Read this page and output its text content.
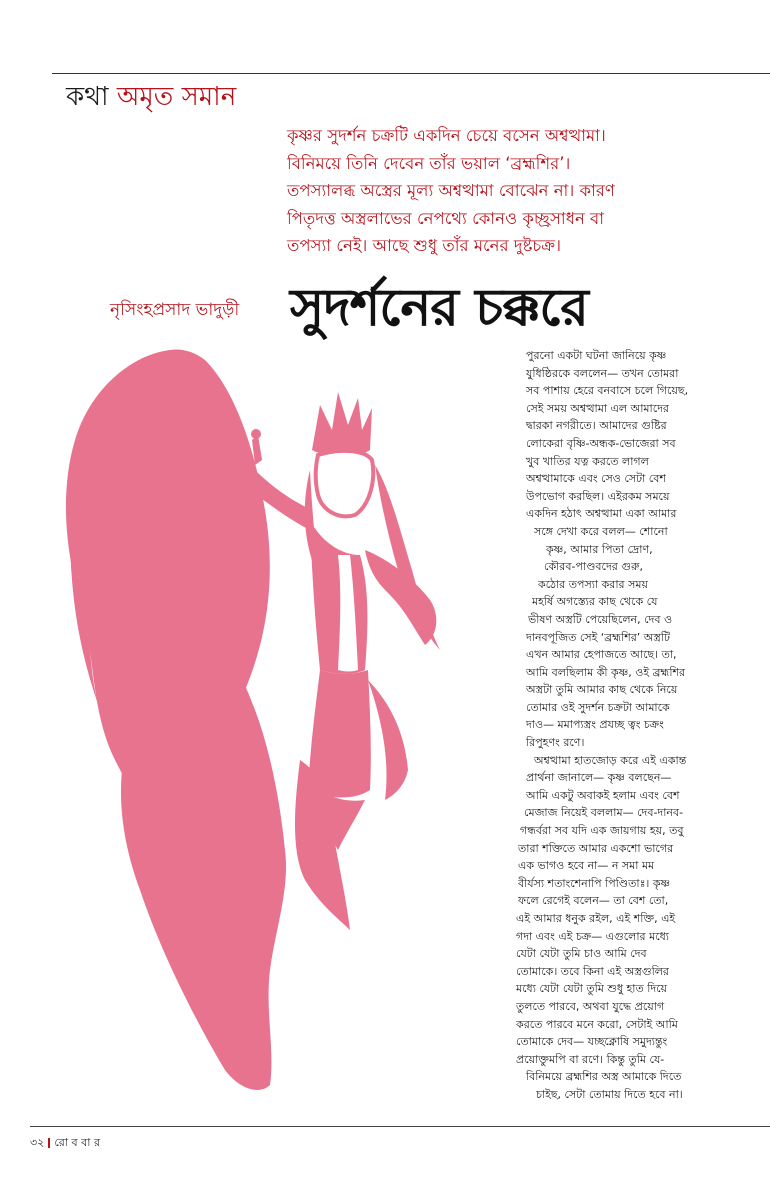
কথা অমৃত সমান

কৃষ্ণর সুদর্শন চক্রটি একদিন চেয়ে বসেন অশ্বত্থামা।

বিনিময়ে তিনি দেবেন তাঁর ভয়াল ‘ব্রহ্মশির’।

তপস্যালব্ধ অস্ত্রের মূল্য অশ্বত্থামা বোঝেন না। কারণ

পিতৃদত্ত অস্ত্রলাভের নেপথ্যে কোনও কৃচ্ছ্রসাধন বা

তপস্যা নেই। আছে শুধু তাঁর মনের দুষ্টচক্র।

নৃসিংহপ্রসাদ ভাদুড়ী সুদর্শনের চক্করে
পুরনো একটা ঘটনা জানিয়ে কৃষ্ণ
যুধিষ্ঠিরকে বললেন— তখন তোমরা
সব পাশায় হেরে বনবাসে চলে গিয়েছ,
সেই সময় অশ্বত্থামা এল আমাদের
দ্বারকা নগরীতে। আমাদের গুষ্টির
লোকেরা বৃষ্ণি-অন্ধক-ভোজেরা সব
খুব খাতির যত্ন করতে লাগল
অশ্বত্থামাকে এবং সেও সেটা বেশ
উপভোগ করছিল। এইরকম সময়ে
একদিন হঠাৎ অশ্বত্থামা একা আমার
সঙ্গে দেখা করে বলল— শোনো
কৃষ্ণ, আমার পিতা দ্রোণ,
কৌরব-পাণ্ডবদের গুরু,
কঠোর তপস্যা করার সময়
মহর্ষি অগস্ত্যের কাছ থেকে যে
ভীষণ অস্ত্রটি পেয়েছিলেন, দেব ও
দানবপূজিত সেই ‘ব্রহ্মশির’ অস্ত্রটি
এখন আমার হেপাজতে আছে। তা,
আমি বলছিলাম কী কৃষ্ণ, ওই ব্রহ্মশির
অস্ত্রটা তুমি আমার কাছ থেকে নিয়ে
তোমার ওই সুদর্শন চক্রটা আমাকে
দাও— মমাপ্যস্ত্রং প্রযচ্ছ ত্বং চক্রং
রিপুহণং রণে।
অশ্বত্থামা হাতজোড় করে এই একান্ত
প্রার্থনা জানালে— কৃষ্ণ বলছেন—
আমি একটু অবাকই হলাম এবং বেশ
মেজাজ নিয়েই বললাম— দেব-দানব-
গন্ধর্বরা সব যদি এক জায়গায় হয়, তবু
তারা শক্তিতে আমার একশো ভাগের
এক ভাগও হবে না— ন সমা মম
বীর্যস্য শতাংশেনাপি পিণ্ডিতাঃ। কৃষ্ণ
ফলে রেগেই বলেন— তা বেশ তো,
এই আমার ধনুক রইল, এই শক্তি, এই
গদা এবং এই চক্র— এগুলোর মধ্যে
যেটা যেটা তুমি চাও আমি দেব
তোমাকে। তবে কিনা এই অস্ত্রগুলির
মধ্যে যেটা যেটা তুমি শুধু হাত দিয়ে
তুলতে পারবে, অথবা যুদ্ধে প্রয়োগ
করতে পারবে মনে করো, সেটাই আমি
তোমাকে দেব— যচ্ছক্নোষি সমুদ্যন্তুং
প্রয়োক্তুমপি বা রণে। কিন্তু তুমি যে-
বিনিময়ে ব্রহ্মশির অস্ত্র আমাকে দিতে
চাইছ, সেটা তোমায় দিতে হবে না।
৩২ রো ব বা র
